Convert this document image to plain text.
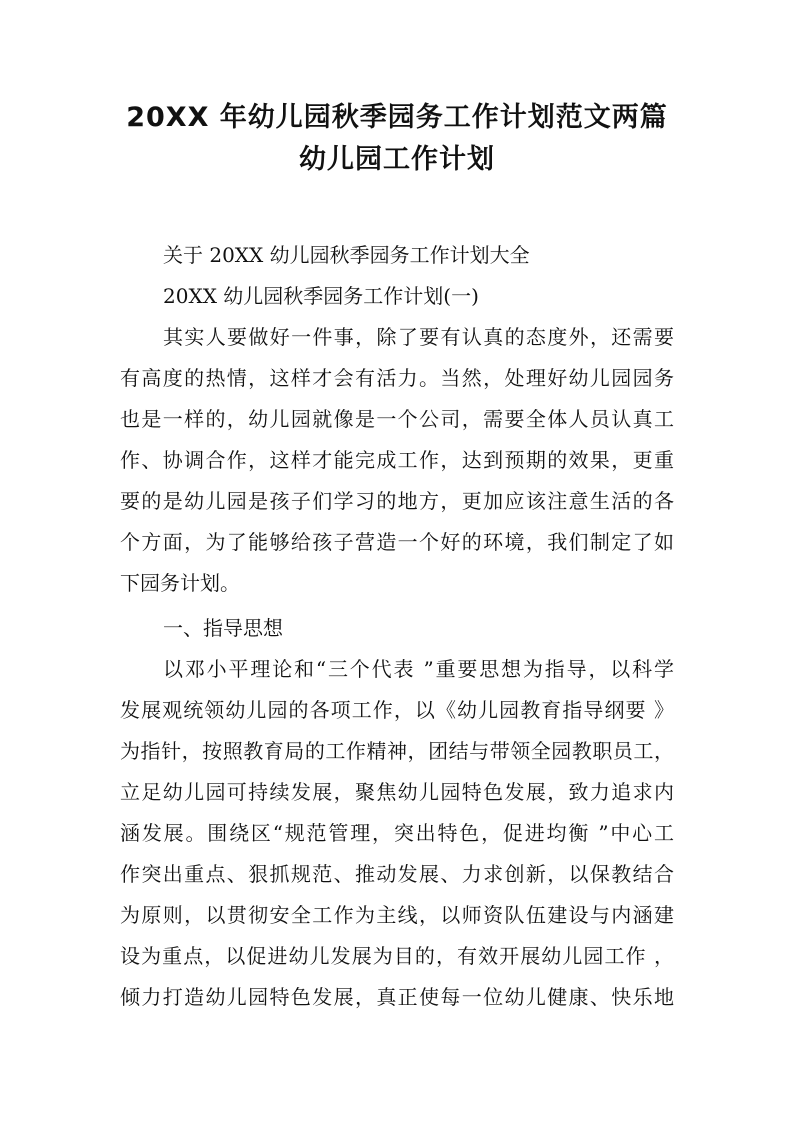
20XX 年幼儿园秋季园务工作计划范文两篇
幼儿园工作计划
关于 20XX 幼儿园秋季园务工作计划大全
20XX 幼儿园秋季园务工作计划(一)
其实人要做好一件事，除了要有认真的态度外，还需要
有高度的热情，这样才会有活力。当然，处理好幼儿园园务
也是一样的，幼儿园就像是一个公司，需要全体人员认真工
作、协调合作，这样才能完成工作，达到预期的效果，更重
要的是幼儿园是孩子们学习的地方，更加应该注意生活的各
个方面，为了能够给孩子营造一个好的环境，我们制定了如
下园务计划。
一、指导思想
以邓小平理论和“三个代表 ”重要思想为指导，以科学
发展观统领幼儿园的各项工作，以《幼儿园教育指导纲要 》
为指针，按照教育局的工作精神，团结与带领全园教职员工，
立足幼儿园可持续发展，聚焦幼儿园特色发展，致力追求内
涵发展。围绕区“规范管理，突出特色，促进均衡 ”中心工
作突出重点、狠抓规范、推动发展、力求创新，以保教结合
为原则，以贯彻安全工作为主线，以师资队伍建设与内涵建
设为重点，以促进幼儿发展为目的，有效开展幼儿园工作 ，
倾力打造幼儿园特色发展，真正使每一位幼儿健康、快乐地
